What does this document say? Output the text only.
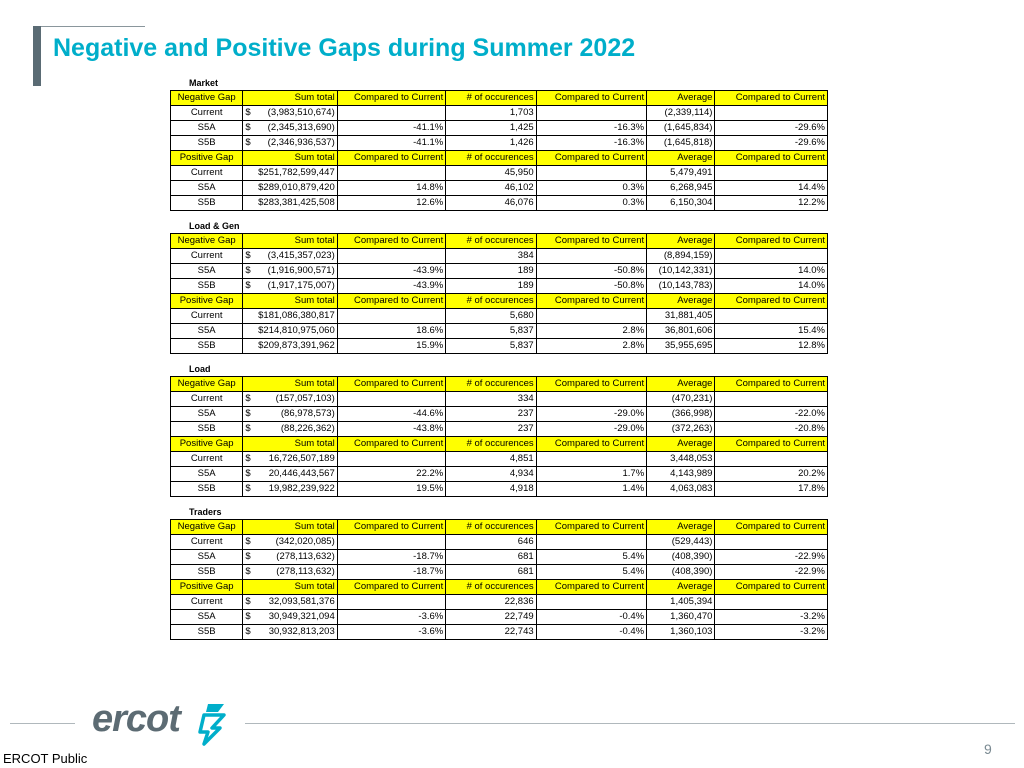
Negative and Positive Gaps during Summer 2022
Market
Negative Gap	Sum total	Compared to Current	# of occurences	Compared to Current	Average	Compared to Current
Current	$ (3,983,510,674)		1,703		(2,339,114)	
S5A	$ (2,345,313,690)	-41.1%	1,425	-16.3%	(1,645,834)	-29.6%
S5B	$ (2,346,936,537)	-41.1%	1,426	-16.3%	(1,645,818)	-29.6%
Positive Gap	Sum total	Compared to Current	# of occurences	Compared to Current	Average	Compared to Current
Current	$251,782,599,447		45,950		5,479,491	
S5A	$289,010,879,420	14.8%	46,102	0.3%	6,268,945	14.4%
S5B	$283,381,425,508	12.6%	46,076	0.3%	6,150,304	12.2%
Load & Gen
Negative Gap	Sum total	Compared to Current	# of occurences	Compared to Current	Average	Compared to Current
Current	$ (3,415,357,023)		384		(8,894,159)	
S5A	$ (1,916,900,571)	-43.9%	189	-50.8%	(10,142,331)	14.0%
S5B	$ (1,917,175,007)	-43.9%	189	-50.8%	(10,143,783)	14.0%
Positive Gap	Sum total	Compared to Current	# of occurences	Compared to Current	Average	Compared to Current
Current	$181,086,380,817		5,680		31,881,405	
S5A	$214,810,975,060	18.6%	5,837	2.8%	36,801,606	15.4%
S5B	$209,873,391,962	15.9%	5,837	2.8%	35,955,695	12.8%
Load
Negative Gap	Sum total	Compared to Current	# of occurences	Compared to Current	Average	Compared to Current
Current	$ (157,057,103)		334		(470,231)	
S5A	$ (86,978,573)	-44.6%	237	-29.0%	(366,998)	-22.0%
S5B	$ (88,226,362)	-43.8%	237	-29.0%	(372,263)	-20.8%
Positive Gap	Sum total	Compared to Current	# of occurences	Compared to Current	Average	Compared to Current
Current	$ 16,726,507,189		4,851		3,448,053	
S5A	$ 20,446,443,567	22.2%	4,934	1.7%	4,143,989	20.2%
S5B	$ 19,982,239,922	19.5%	4,918	1.4%	4,063,083	17.8%
Traders
Negative Gap	Sum total	Compared to Current	# of occurences	Compared to Current	Average	Compared to Current
Current	$ (342,020,085)		646		(529,443)	
S5A	$ (278,113,632)	-18.7%	681	5.4%	(408,390)	-22.9%
S5B	$ (278,113,632)	-18.7%	681	5.4%	(408,390)	-22.9%
Positive Gap	Sum total	Compared to Current	# of occurences	Compared to Current	Average	Compared to Current
Current	$ 32,093,581,376		22,836		1,405,394	
S5A	$ 30,949,321,094	-3.6%	22,749	-0.4%	1,360,470	-3.2%
S5B	$ 30,932,813,203	-3.6%	22,743	-0.4%	1,360,103	-3.2%
ercot
ERCOT Public
9
